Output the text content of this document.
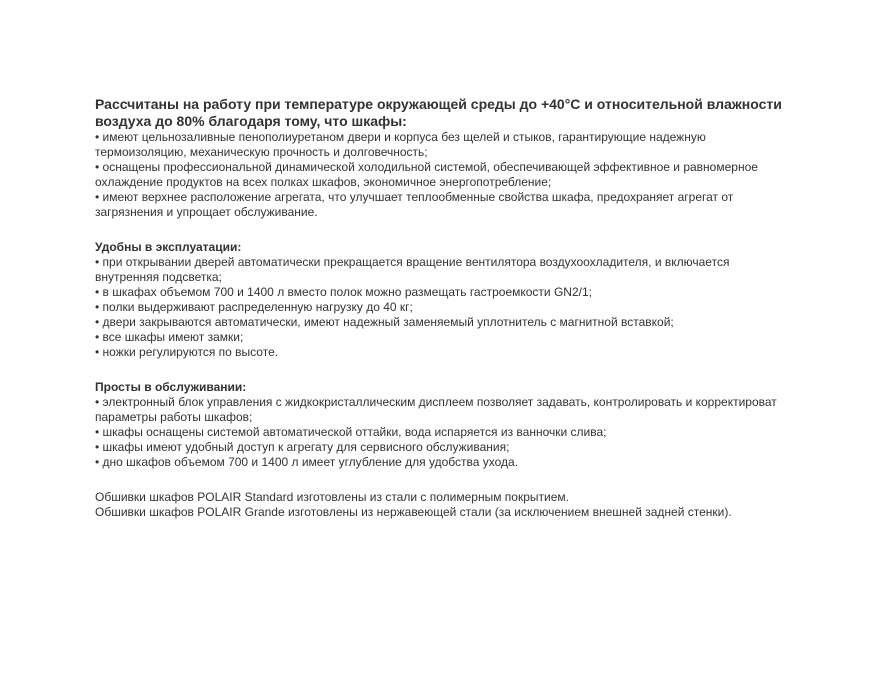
Рассчитаны на работу при температуре окружающей среды до +40°С и относительной влажности

воздуха до 80% благодаря тому, что шкафы:

• имеют цельнозаливные пенополиуретаном двери и корпуса без щелей и стыков, гарантирующие надежную

термоизоляцию, механическую прочность и долговечность;

• оснащены профессиональной динамической холодильной системой, обеспечивающей эффективное и равномерное

охлаждение продуктов на всех полках шкафов, экономичное энергопотребление;

• имеют верхнее расположение агрегата, что улучшает теплообменные свойства шкафа, предохраняет агрегат от

загрязнения и упрощает обслуживание.

Удобны в эксплуатации:

• при открывании дверей автоматически прекращается вращение вентилятора воздухоохладителя, и включается

внутренняя подсветка;

• в шкафах объемом 700 и 1400 л вместо полок можно размещать гастроемкости GN2/1;

• полки выдерживают распределенную нагрузку до 40 кг;

• двери закрываются автоматически, имеют надежный заменяемый уплотнитель с магнитной вставкой;

• все шкафы имеют замки;

• ножки регулируются по высоте.

Просты в обслуживании:

• электронный блок управления с жидкокристаллическим дисплеем позволяет задавать, контролировать и корректироват

параметры работы шкафов;

• шкафы оснащены системой автоматической оттайки, вода испаряется из ванночки слива;

• шкафы имеют удобный доступ к агрегату для сервисного обслуживания;

• дно шкафов объемом 700 и 1400 л имеет углубление для удобства ухода.

Обшивки шкафов POLAIR Standard изготовлены из стали с полимерным покрытием.

Обшивки шкафов POLAIR Grande изготовлены из нержавеющей стали (за исключением внешней задней стенки).
